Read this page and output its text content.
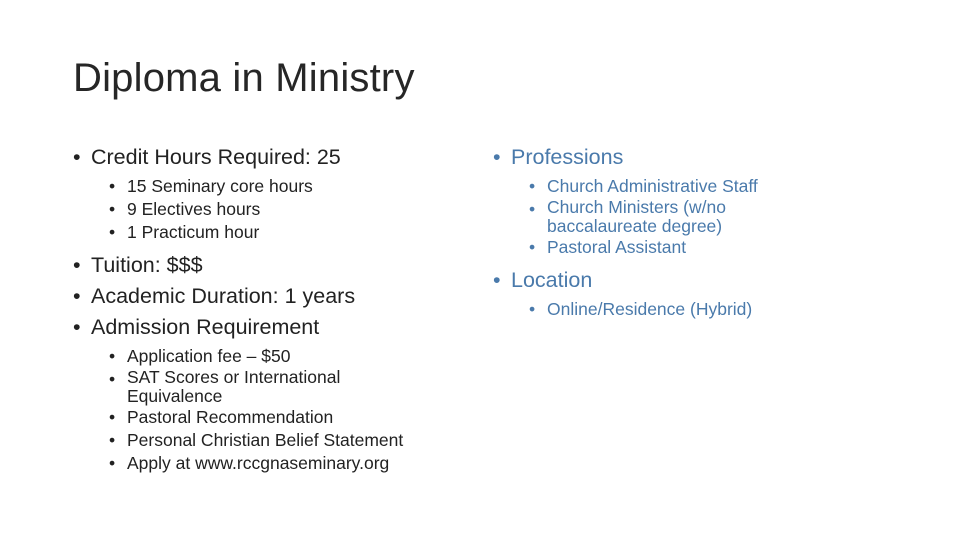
Diploma in Ministry
• Credit Hours Required: 25
• 15 Seminary core hours
• 9 Electives hours
• 1 Practicum hour
• Tuition: $$$
• Academic Duration: 1 years
• Admission Requirement
• Application fee – $50
• SAT Scores or International Equivalence
• Pastoral Recommendation
• Personal Christian Belief Statement
• Apply at www.rccgnaseminary.org
• Professions
• Church Administrative Staff
• Church Ministers (w/no baccalaureate degree)
• Pastoral Assistant
• Location
• Online/Residence (Hybrid)
